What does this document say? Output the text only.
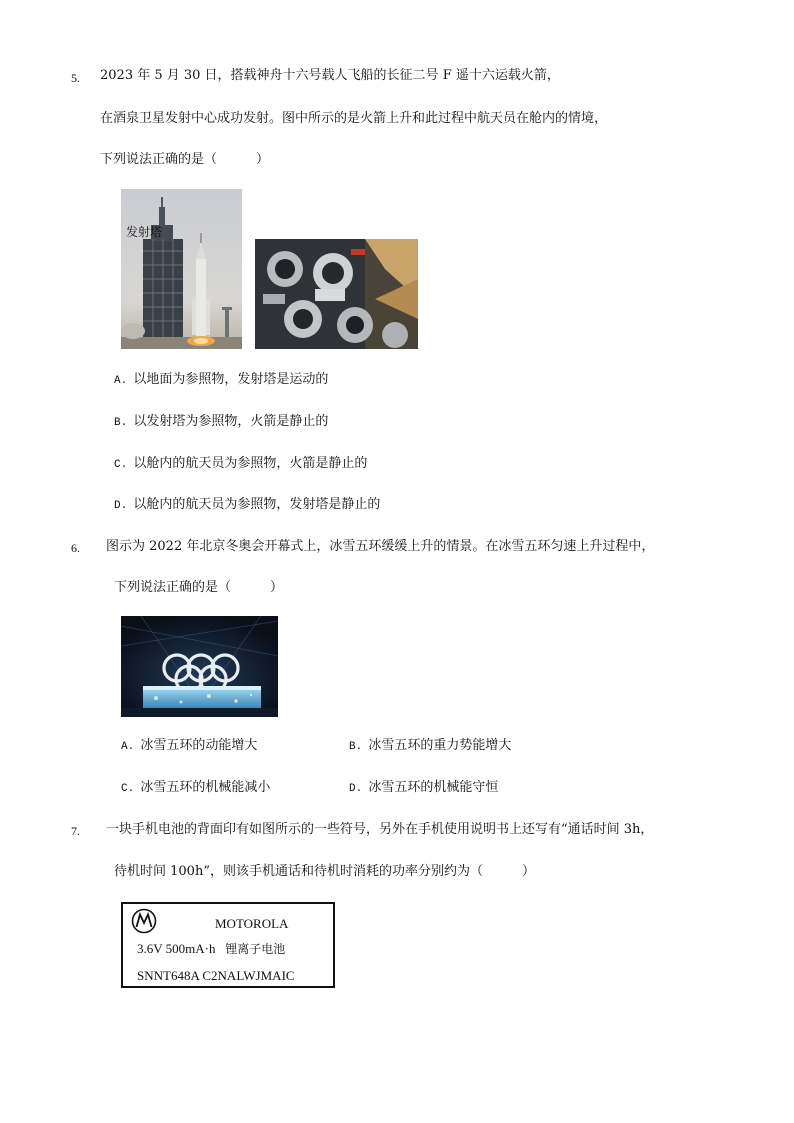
5. 2023 年 5 月 30 日，搭载神舟十六号载人飞船的长征二号 F 遥十六运载火箭，
在酒泉卫星发射中心成功发射。图中所示的是火箭上升和此过程中航天员在舱内的情境，
下列说法正确的是（　　　）
发射塔
A. 以地面为参照物，发射塔是运动的
B. 以发射塔为参照物，火箭是静止的
C. 以舱内的航天员为参照物，火箭是静止的
D. 以舱内的航天员为参照物，发射塔是静止的
6. 图示为 2022 年北京冬奥会开幕式上，冰雪五环缓缓上升的情景。在冰雪五环匀速上升过程中，
下列说法正确的是（　　　）
A. 冰雪五环的动能增大	B. 冰雪五环的重力势能增大
C. 冰雪五环的机械能减小	D. 冰雪五环的机械能守恒
7. 一块手机电池的背面印有如图所示的一些符号，另外在手机使用说明书上还写有“通话时间 3h，
待机时间 100h”，则该手机通话和待机时消耗的功率分别约为（　　　）
MOTOROLA
3.6V 500mA·h 锂离子电池
SNNT648A C2NALWJMAIC
